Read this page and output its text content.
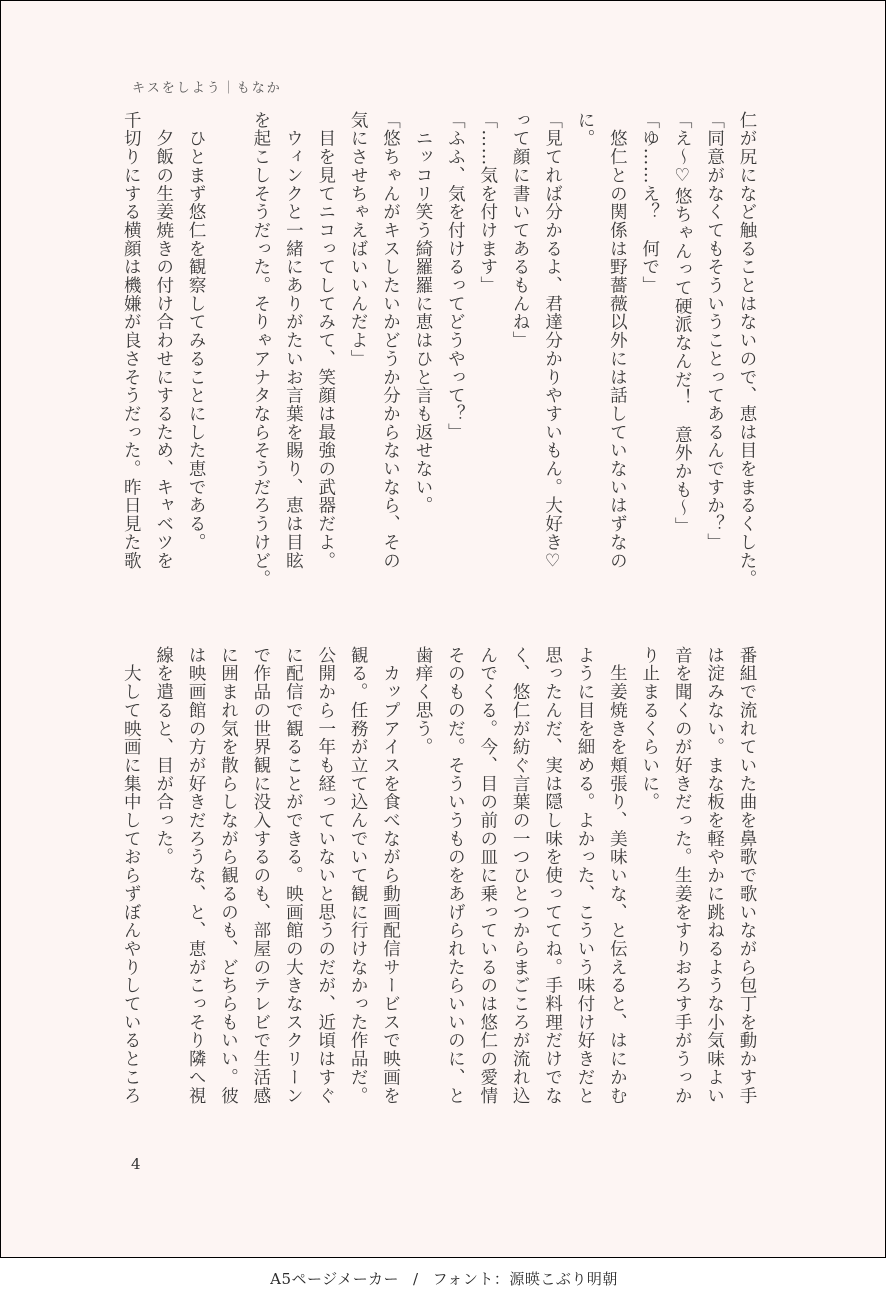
キスをしよう｜もなか

仁が尻になど触ることはないので、恵は目をまるくした。

「同意がなくてもそういうことってあるんですか？」

「え～♡悠ちゃんって硬派なんだ！　意外かも～」

「ゆ……え？　何で」

　悠仁との関係は野薔薇以外には話していないはずなの

に。

「見てれば分かるよ、君達分かりやすいもん。大好き♡

って顔に書いてあるもんね」

「……気を付けます」

「ふふ、気を付けるってどうやって？」

　ニッコリ笑う綺羅羅に恵はひと言も返せない。

「悠ちゃんがキスしたいかどうか分からないなら、その

気にさせちゃえばいいんだよ」

　目を見てニコってしてみて、笑顔は最強の武器だよ。

　ウィンクと一緒にありがたいお言葉を賜り、恵は目眩

を起こしそうだった。そりゃアナタならそうだろうけど。

　ひとまず悠仁を観察してみることにした恵である。

　夕飯の生姜焼きの付け合わせにするため、キャベツを

千切りにする横顔は機嫌が良さそうだった。昨日見た歌

番組で流れていた曲を鼻歌で歌いながら包丁を動かす手

は淀みない。まな板を軽やかに跳ねるような小気味よい

音を聞くのが好きだった。生姜をすりおろす手がうっか

り止まるくらいに。

　生姜焼きを頬張り、美味いな、と伝えると、はにかむ

ように目を細める。よかった、こういう味付け好きだと

思ったんだ、実は隠し味を使っててね。手料理だけでな

く、悠仁が紡ぐ言葉の一つひとつからまごころが流れ込

んでくる。今、目の前の皿に乗っているのは悠仁の愛情

そのものだ。そういうものをあげられたらいいのに、と

歯痒く思う。

　カップアイスを食べながら動画配信サービスで映画を

観る。任務が立て込んでいて観に行けなかった作品だ。

公開から一年も経っていないと思うのだが、近頃はすぐ

に配信で観ることができる。映画館の大きなスクリーン

で作品の世界観に没入するのも、部屋のテレビで生活感

に囲まれ気を散らしながら観るのも、どちらもいい。彼

は映画館の方が好きだろうな、と、恵がこっそり隣へ視

線を遣ると、目が合った。

　大して映画に集中しておらずぼんやりしているところ

4
A5ページメーカー / フォント：源暎こぶり明朝
